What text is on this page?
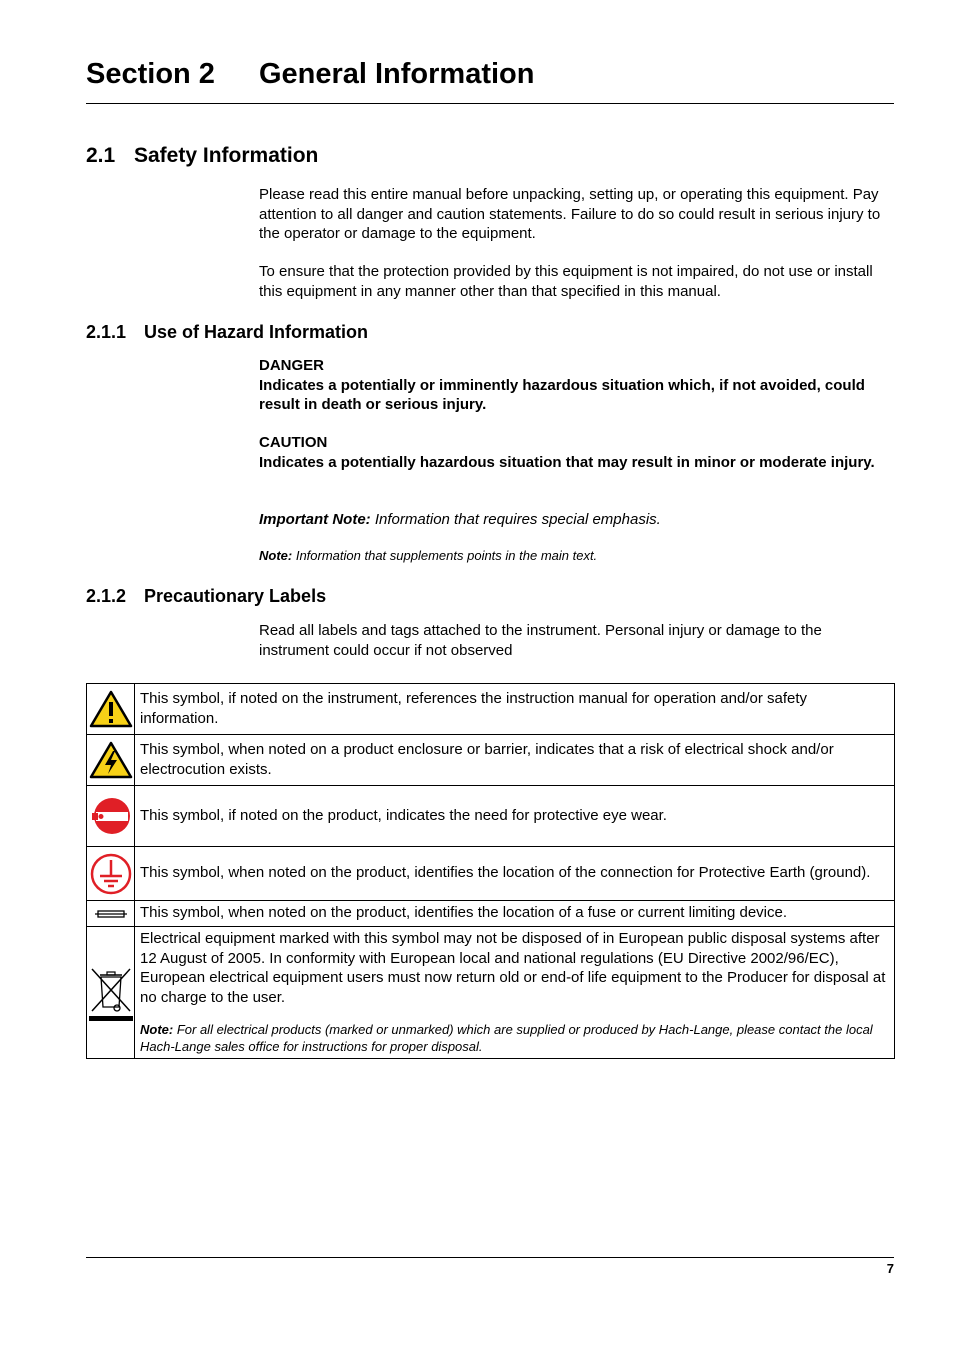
Section 2 General Information
2.1 Safety Information
Please read this entire manual before unpacking, setting up, or operating this equipment. Pay attention to all danger and caution statements. Failure to do so could result in serious injury to the operator or damage to the equipment.
To ensure that the protection provided by this equipment is not impaired, do not use or install this equipment in any manner other than that specified in this manual.
2.1.1 Use of Hazard Information
DANGER
Indicates a potentially or imminently hazardous situation which, if not avoided, could result in death or serious injury.
CAUTION
Indicates a potentially hazardous situation that may result in minor or moderate injury.
Important Note: Information that requires special emphasis.
Note: Information that supplements points in the main text.
2.1.2 Precautionary Labels
Read all labels and tags attached to the instrument. Personal injury or damage to the instrument could occur if not observed
	This symbol, if noted on the instrument, references the instruction manual for operation and/or safety information.

	This symbol, when noted on a product enclosure or barrier, indicates that a risk of electrical shock and/or electrocution exists.

	This symbol, if noted on the product, indicates the need for protective eye wear.

	This symbol, when noted on the product, identifies the location of the connection for Protective Earth (ground).

	This symbol, when noted on the product, identifies the location of a fuse or current limiting device.

Electrical equipment marked with this symbol may not be disposed of in European public disposal systems after 12 August of 2005. In conformity with European local and national regulations (EU Directive 2002/96/EC), European electrical equipment users must now return old or end-of life equipment to the Producer for disposal at no charge to the user.
Note: For all electrical products (marked or unmarked) which are supplied or produced by Hach-Lange, please contact the local Hach-Lange sales office for instructions for proper disposal.
7
